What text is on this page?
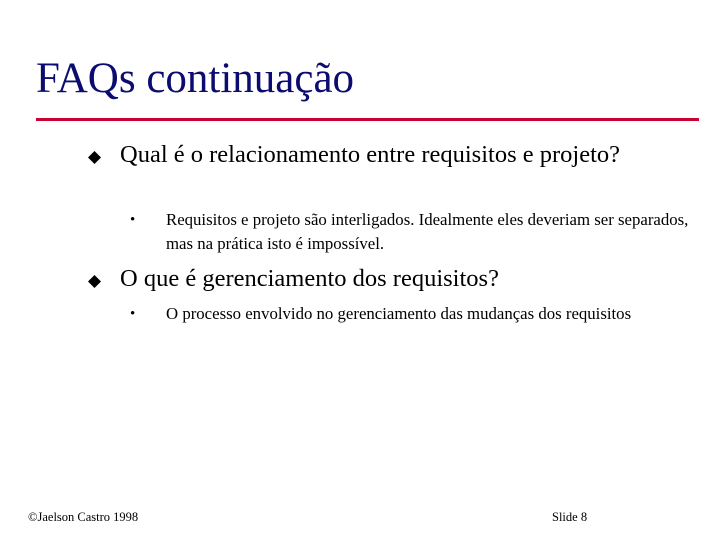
FAQs continuação

Qual é o relacionamento entre requisitos e projeto?

• Requisitos e projeto são interligados. Idealmente eles deveriam ser separados, mas na prática isto é impossível.

O que é gerenciamento dos requisitos?

• O processo envolvido no gerenciamento das mudanças dos requisitos

©Jaelson Castro 1998	Slide 8
